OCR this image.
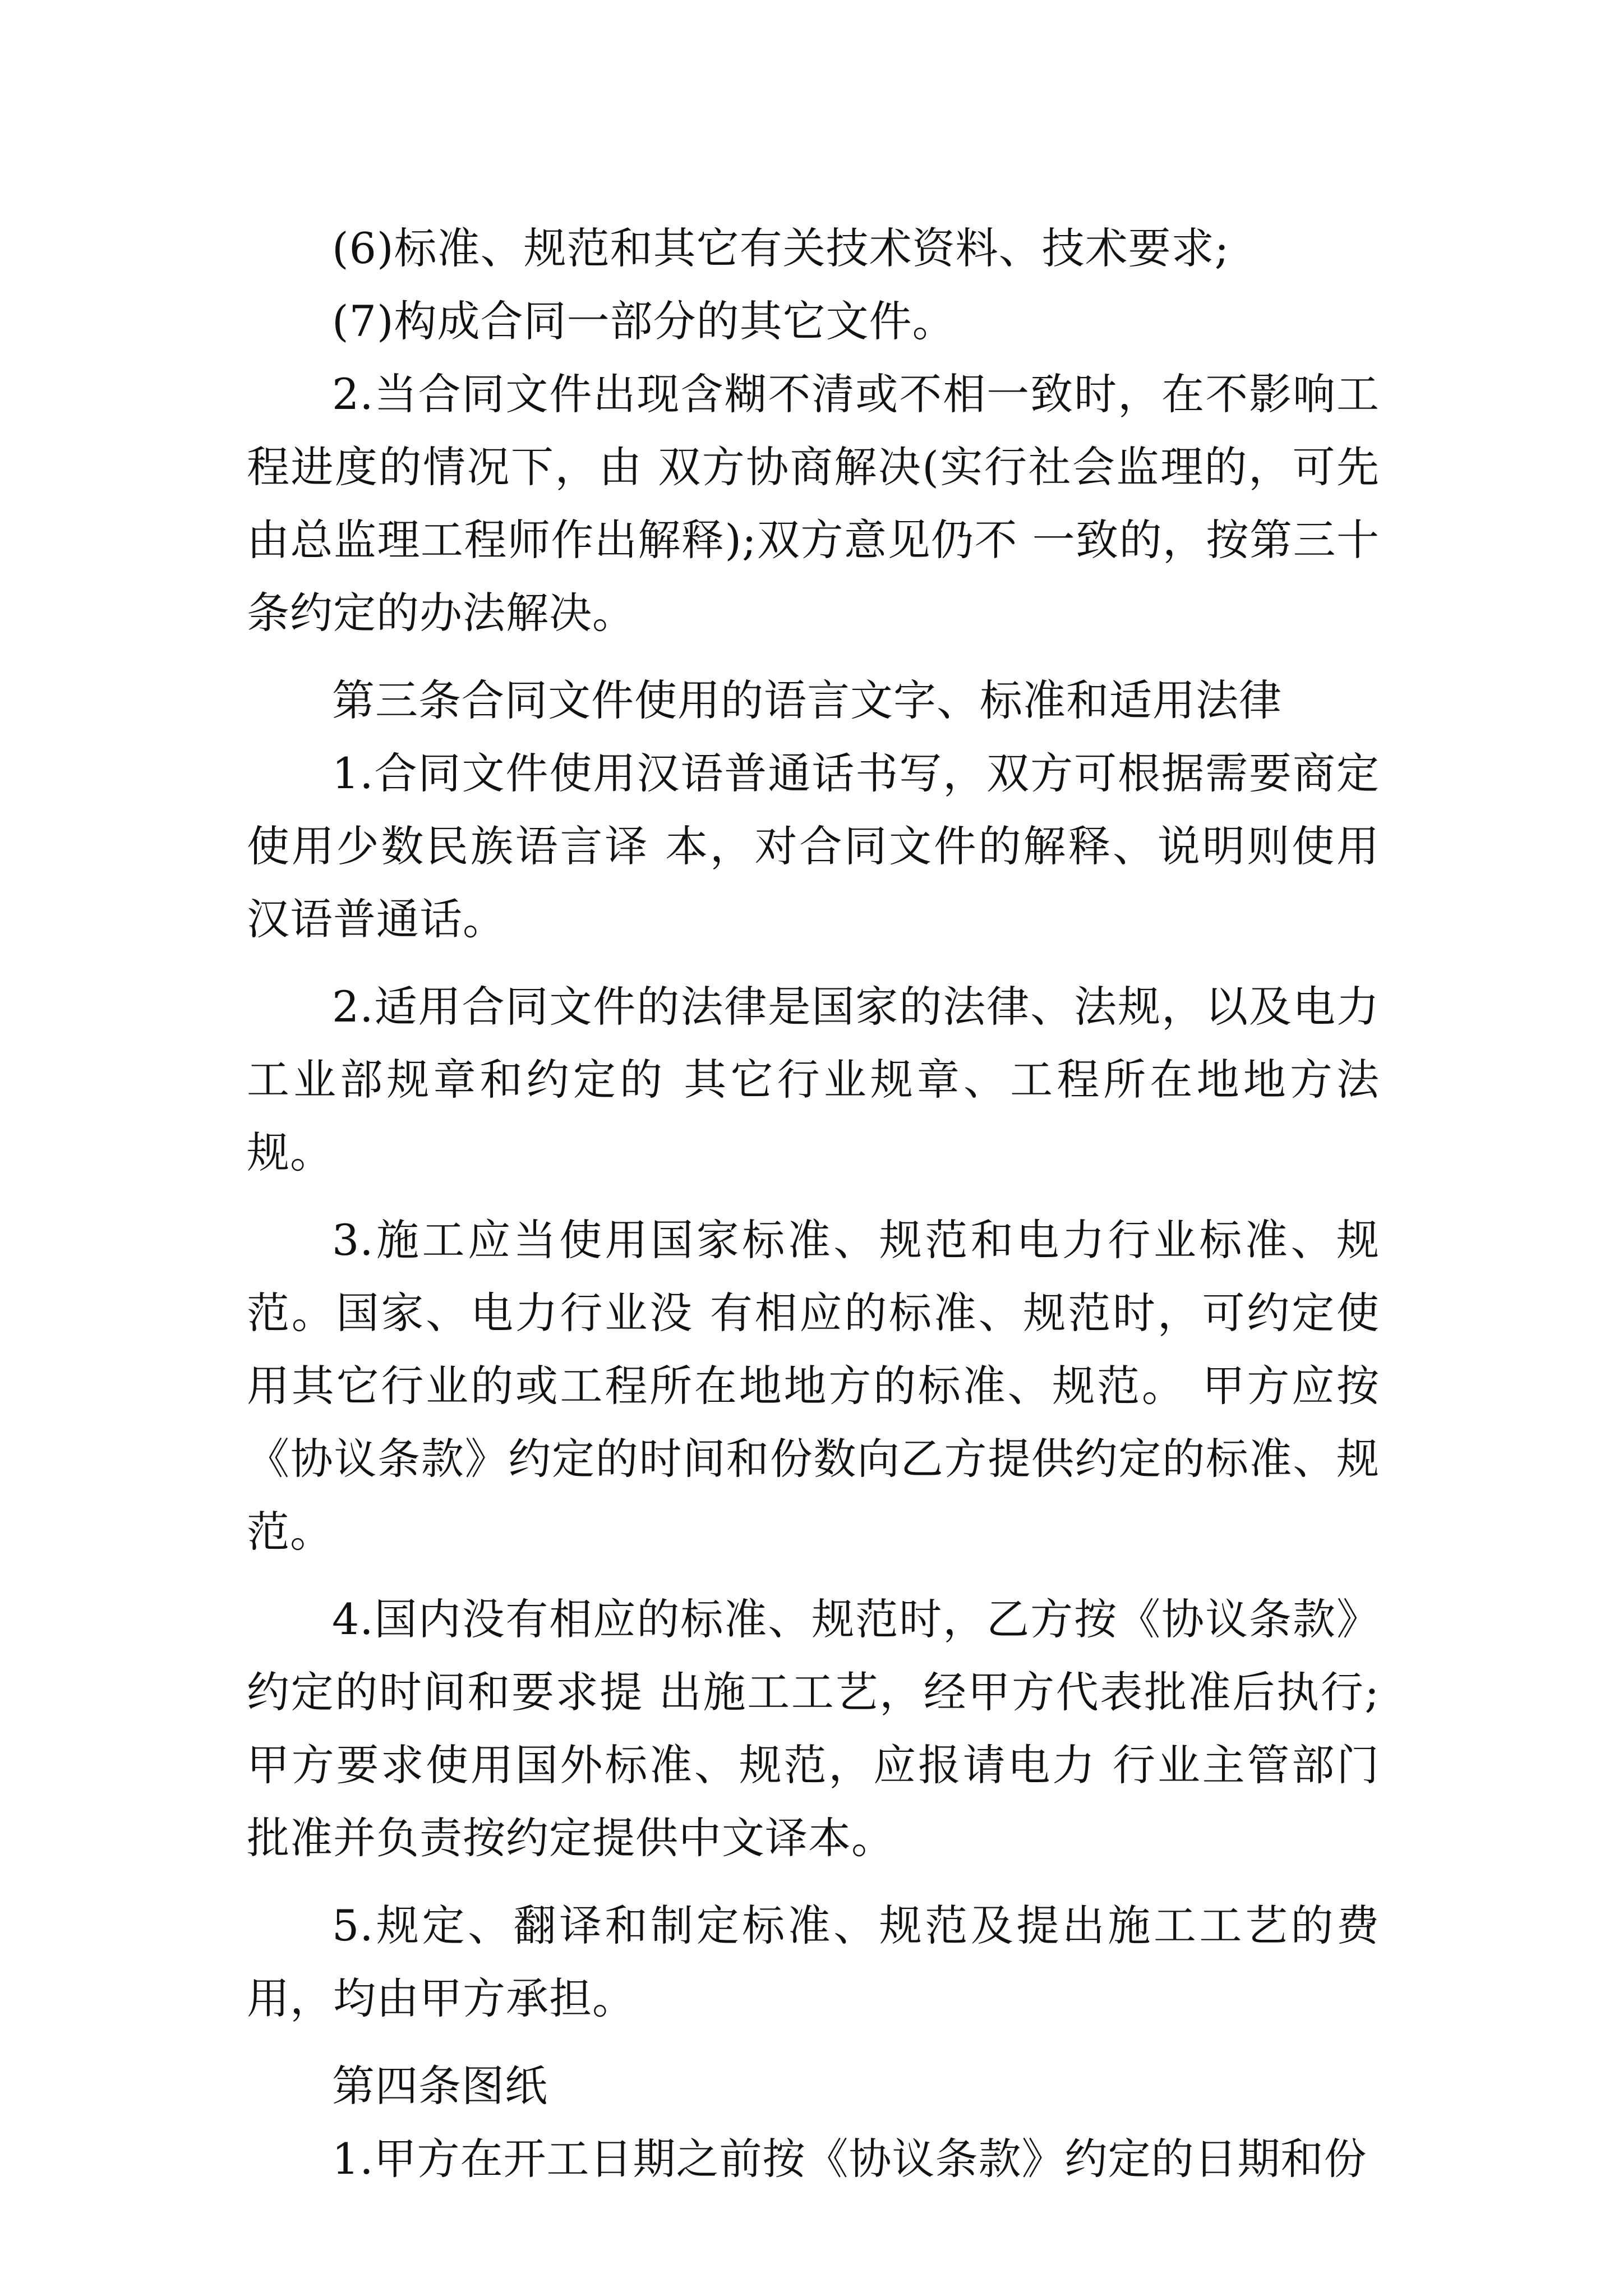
(6)标准、规范和其它有关技术资料、技术要求;

(7)构成合同一部分的其它文件。

2.当合同文件出现含糊不清或不相一致时，在不影响工程进度的情况下，由 双方协商解决(实行社会监理的，可先由总监理工程师作出解释);双方意见仍不 一致的，按第三十条约定的办法解决。

第三条合同文件使用的语言文字、标准和适用法律

1.合同文件使用汉语普通话书写，双方可根据需要商定使用少数民族语言译 本，对合同文件的解释、说明则使用汉语普通话。

2.适用合同文件的法律是国家的法律、法规，以及电力工业部规章和约定的 其它行业规章、工程所在地地方法规。

3.施工应当使用国家标准、规范和电力行业标准、规范。国家、电力行业没 有相应的标准、规范时，可约定使用其它行业的或工程所在地地方的标准、规范。 甲方应按《协议条款》约定的时间和份数向乙方提供约定的标准、规范。

4.国内没有相应的标准、规范时，乙方按《协议条款》约定的时间和要求提 出施工工艺，经甲方代表批准后执行;甲方要求使用国外标准、规范，应报请电力 行业主管部门批准并负责按约定提供中文译本。

5.规定、翻译和制定标准、规范及提出施工工艺的费用，均由甲方承担。

第四条图纸

1.甲方在开工日期之前按《协议条款》约定的日期和份
